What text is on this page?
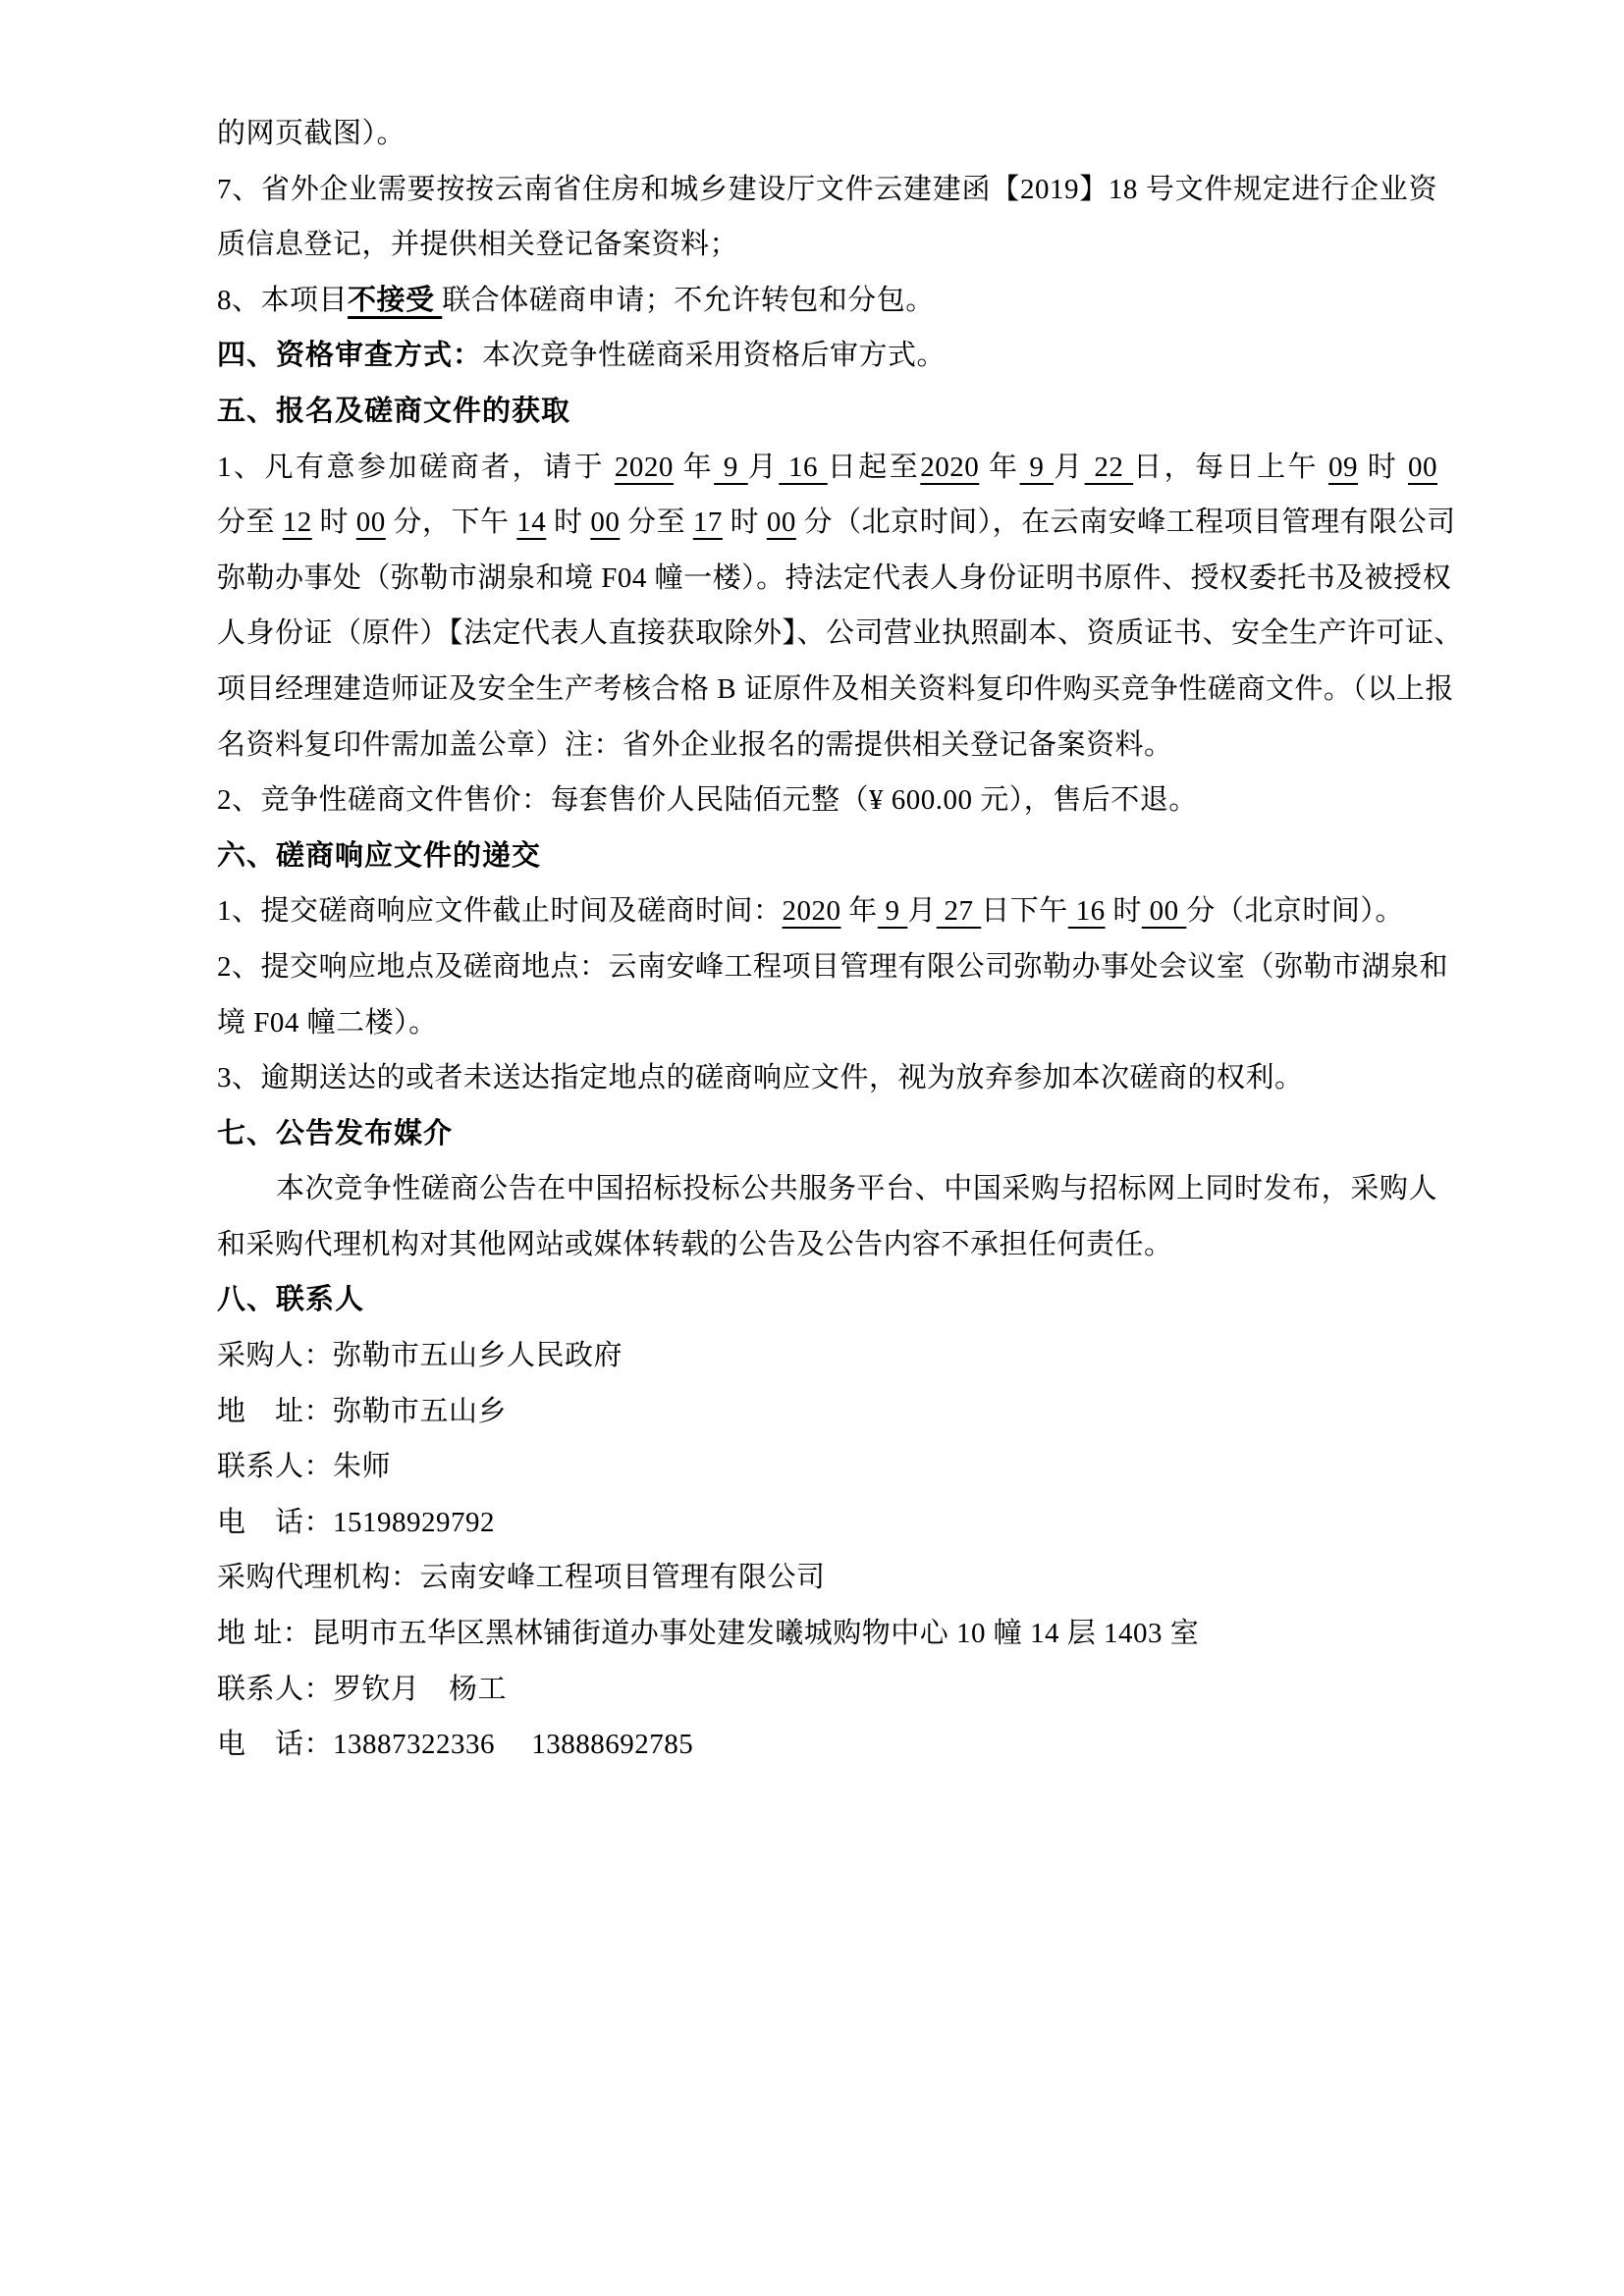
的网页截图）。
7、省外企业需要按按云南省住房和城乡建设厅文件云建建函【2019】18 号文件规定进行企业资
质信息登记，并提供相关登记备案资料；
8、本项目不接受 联合体磋商申请；不允许转包和分包。
四、资格审查方式：本次竞争性磋商采用资格后审方式。
五、报名及磋商文件的获取
1、凡有意参加磋商者，请于 2020 年 9 月 16 日起至2020 年 9 月 22 日，每日上午 09 时 00
分至 12 时 00 分，下午 14 时 00 分至 17 时 00 分（北京时间），在云南安峰工程项目管理有限公司
弥勒办事处（弥勒市湖泉和境 F04 幢一楼）。持法定代表人身份证明书原件、授权委托书及被授权
人身份证（原件）【法定代表人直接获取除外】、公司营业执照副本、资质证书、安全生产许可证、
项目经理建造师证及安全生产考核合格 B 证原件及相关资料复印件购买竞争性磋商文件。（以上报
名资料复印件需加盖公章）注：省外企业报名的需提供相关登记备案资料。
2、竞争性磋商文件售价：每套售价人民陆佰元整（¥ 600.00 元），售后不退。
六、磋商响应文件的递交
1、提交磋商响应文件截止时间及磋商时间：2020 年 9 月 27 日下午 16 时 00 分（北京时间）。
2、提交响应地点及磋商地点：云南安峰工程项目管理有限公司弥勒办事处会议室（弥勒市湖泉和
境 F04 幢二楼）。
3、逾期送达的或者未送达指定地点的磋商响应文件，视为放弃参加本次磋商的权利。
七、公告发布媒介
本次竞争性磋商公告在中国招标投标公共服务平台、中国采购与招标网上同时发布，采购人
和采购代理机构对其他网站或媒体转载的公告及公告内容不承担任何责任。
八、联系人
采购人：弥勒市五山乡人民政府
地　址：弥勒市五山乡
联系人：朱师
电　话：15198929792
采购代理机构：云南安峰工程项目管理有限公司
地 址：昆明市五华区黑林铺街道办事处建发曦城购物中心 10 幢 14 层 1403 室
联系人：罗钦月　杨工
电　话：13887322336　 13888692785
